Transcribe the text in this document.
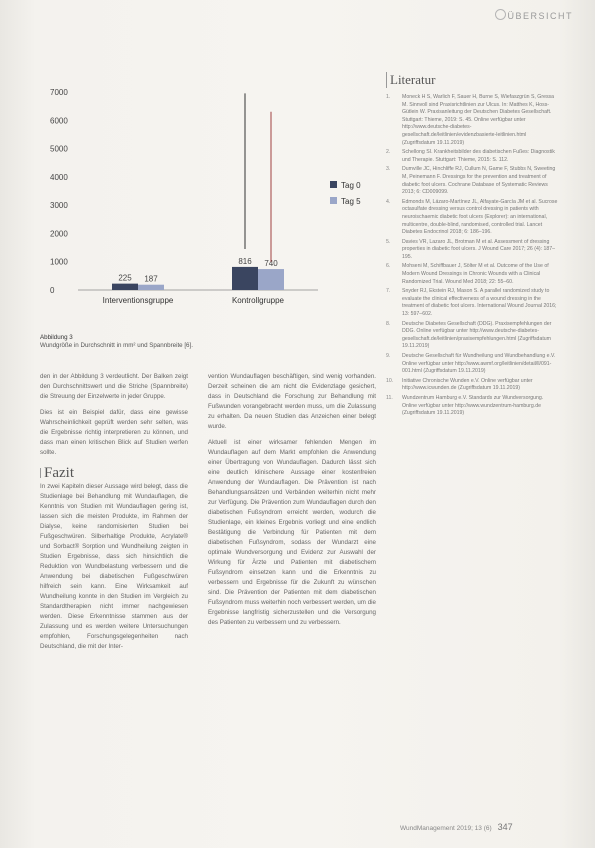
ÜBERSICHT
0
1000
2000
3000
4000
5000
6000
7000
225 187
Interventionsgruppe
816 740
Kontrollgruppe
Tag 0
Tag 5
Abbildung 3
Wundgröße in Durchschnitt in mm² und Spannbreite [6].

den in der Abbildung 3 verdeutlicht. Der Balken zeigt den Durchschnittswert und die Striche (Spannbreite) die Streuung der Einzelwerte in jeder Gruppe.

Dies ist ein Beispiel dafür, dass eine gewisse Wahrscheinlichkeit geprüft werden sehr selten, was die Ergebnisse richtig interpretieren zu können, und dass man einen kritischen Blick auf Studien werfen sollte.

Fazit

In zwei Kapiteln dieser Aussage wird belegt, dass die Studienlage bei Behandlung mit Wundauflagen, die Kenntnis von Studien mit Wundauflagen gering ist, lassen sich die meisten Produkte, im Rahmen der Dialyse, keine randomisierten Studien bei Fußgeschwüren. Silberhaltige Produkte, Acrylate® und Sorbact® Sorption und Wundheilung zeigten in Studien Ergebnisse, dass sich hinsichtlich die Reduktion von Wundbelastung verbessern und die Anwendung bei diabetischen Fußgeschwüren hilfreich sein kann. Eine Wirksamkeit auf Wundheilung konnte in den Studien im Vergleich zu Standardtherapien nicht immer nachgewiesen werden. Diese Erkenntnisse stammen aus der Zulassung und es werden weitere Untersuchungen empfohlen, Forschungsgelegenheiten nach Deutschland, die mit der Inter-

vention Wundauflagen beschäftigen, sind wenig vorhanden. Derzeit scheinen die am nicht die Evidenzlage gesichert, dass in Deutschland die Forschung zur Behandlung mit Fußwunden vorangebracht werden muss, um die Zulassung zu erhalten. Da neuen Studien das Anzeichen einer belegt wurde.

Aktuell ist einer wirksamer fehlenden Mengen im Wundauflagen auf dem Markt empfohlen die Anwendung einer Übertragung von Wundauflagen. Dadurch lässt sich eine deutlich klinischere Aussage einer kostenfreien Anwendung der Wundauflagen. Die Prävention ist nach Behandlungsansätzen und Verbänden weiterhin nicht mehr zur Verfügung. Die Prävention zum Wundauflagen durch den diabetischen Fußsyndrom erreicht werden, wodurch die Studienlage, ein kleines Ergebnis vorliegt und eine endlich Bestätigung die Verbindung für Patienten mit dem diabetischen Fußsyndrom, sodass der Wundarzt eine optimale Wundversorgung und Evidenz zur Auswahl der Wirkung für Ärzte und Patienten mit diabetischem Fußsyndrom einsetzen kann und die Erkenntnis zu verbessern und Ergebnisse für die Zukunft zu wünschen sind. Die Prävention der Patienten mit dem diabetischen Fußsyndrom muss weiterhin noch verbessert werden, um die Ergebnisse langfristig sicherzustellen und die Versorgung des Patienten zu verbessern und zu verbessern.

Literatur
1. Moneck H S, Warlich F, Sauer H, Burne S, Wiefaszgrün S, Gressa M. Sinnvoll sind Praxisrichtlinien zur Ulcus. In: Matthes K, Hoss-Gütlein W. Praxisanleitung der Deutschen Diabetes Gesellschaft. Stuttgart: Thieme, 2019: S. 45. Online verfügbar unter http://www.deutsche-diabetes-gesellschaft.de/leitlinien/evidenzbasierte-leitlinien.html (Zugriffsdatum 19.11.2019)
2. Schellong SI. Krankheitsbilder des diabetischen Fußes: Diagnostik und Therapie. Stuttgart: Thieme, 2015: S. 112.
3. Dumville JC, Hinchliffe RJ, Cullum N, Game F, Stubbs N, Sweeting M, Peinemann F. Dressings for the prevention and treatment of diabetic foot ulcers. Cochrane Database of Systematic Reviews 2013; 6: CD009099.
4. Edmonds M, Lázaro-Martínez JL, Alfayate-García JM et al. Sucrose octasulfate dressing versus control dressing in patients with neuroischaemic diabetic foot ulcers (Explorer): an international, multicentre, double-blind, randomised, controlled trial. Lancet Diabetes Endocrinol 2018; 6: 186–196.
5. Davies VR, Lazaro JL, Brotman M et al. Assessment of dressing properties in diabetic foot ulcers. J Wound Care 2017; 26 (4): 187–195.
6. Mohseni M, Schiffbauer J, Sölter M et al. Outcome of the Use of Modern Wound Dressings in Chronic Wounds with a Clinical Randomized Trial. Wound Med 2018; 22: 55–60.
7. Snyder RJ, Ekstein RJ, Mason S. A parallel randomized study to evaluate the clinical effectiveness of a wound dressing in the treatment of diabetic foot ulcers. International Wound Journal 2016; 13: 597–602.
8. Deutsche Diabetes Gesellschaft (DDG). Praxisempfehlungen der DDG. Online verfügbar unter http://www.deutsche-diabetes-gesellschaft.de/leitlinien/praxisempfehlungen.html (Zugriffsdatum 19.11.2019)
9. Deutsche Gesellschaft für Wundheilung und Wundbehandlung e.V. Online verfügbar unter http://www.awmf.org/leitlinien/detail/ll/091-001.html (Zugriffsdatum 19.11.2019)
10. Initiative Chronische Wunden e.V. Online verfügbar unter http://www.icwunden.de (Zugriffsdatum 19.11.2019)
11. Wundzentrum Hamburg e.V. Standards zur Wundversorgung. Online verfügbar unter http://www.wundzentrum-hamburg.de (Zugriffsdatum 19.11.2019)
WundManagement 2019; 13 (6) 347
